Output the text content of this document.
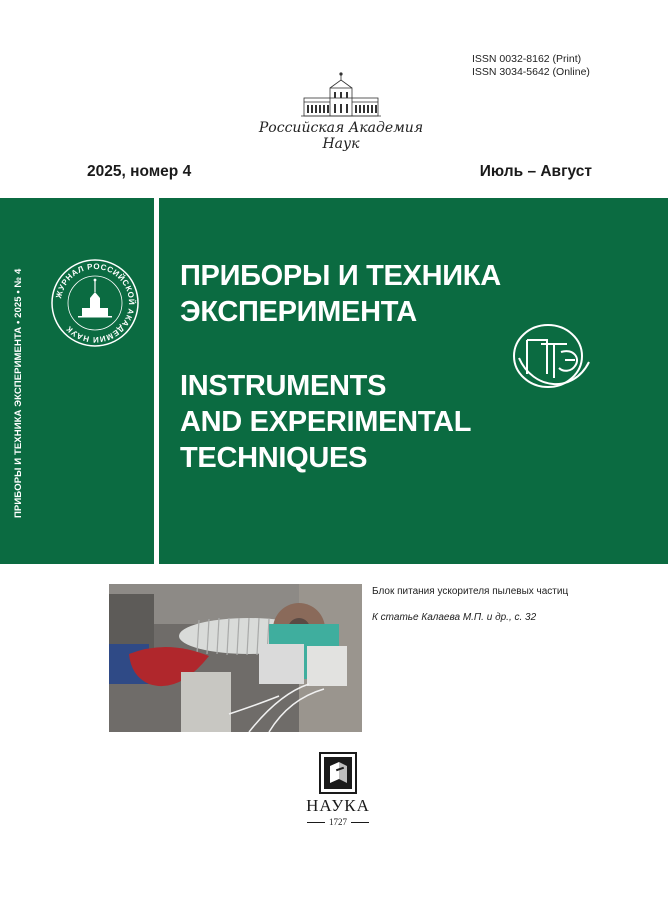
ISSN 0032-8162 (Print)
ISSN 3034-5642 (Online)
Российская Академия Наук
2025, номер 4	Июль – Август
ПРИБОРЫ И ТЕХНИКА ЭКСПЕРИМЕНТА • 2025 • № 4	ЖУРНАЛ РОССИЙСКОЙ АКАДЕМИИ НАУК
ПРИБОРЫ И ТЕХНИКА
ЭКСПЕРИМЕНТА
INSTRUMENTS
AND EXPERIMENTAL
TECHNIQUES
Блок питания ускорителя пылевых частиц
К статье Калаева М.П. и др., с. 32
НАУКА
1727
